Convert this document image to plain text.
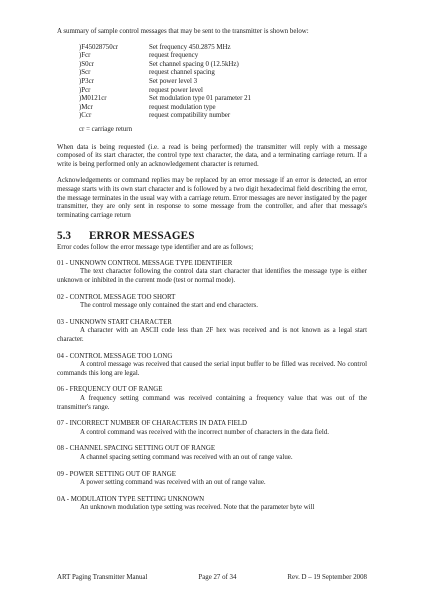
A summary of sample control messages that may be sent to the transmitter is shown below:

)F45028750cr	Set frequency 450.2875 MHz
)Fcr	request frequency
)S0cr	Set channel spacing 0 (12.5kHz)
)Scr	request channel spacing
)P3cr	Set power level 3
)Pcr	request power level
)M0121cr	Set modulation type 01 parameter 21
)Mcr	request modulation type
)Ccr	request compatibility number
cr = carriage return

When data is being requested (i.e. a read is being performed) the transmitter will reply with a message composed of its start character, the control type text character, the data, and a terminating carriage return. If a write is being performed only an acknowledgement character is returned.

Acknowledgements or command replies may be replaced by an error message if an error is detected, an error message starts with its own start character and is followed by a two digit hexadecimal field describing the error, the message terminates in the usual way with a carriage return. Error messages are never instigated by the pager transmitter, they are only sent in response to some message from the controller, and after that message's terminating carriage return

5.3	ERROR MESSAGES
Error codes follow the error message type identifier and are as follows;
01 - UNKNOWN CONTROL MESSAGE TYPE IDENTIFIER

The text character following the control data start character that identifies the message type is either unknown or inhibited in the current mode (test or normal mode).

02 - CONTROL MESSAGE TOO SHORT

The control message only contained the start and end characters.

03 - UNKNOWN START CHARACTER

A character with an ASCII code less than 2F hex was received and is not known as a legal start character.

04 - CONTROL MESSAGE TOO LONG

A control message was received that caused the serial input buffer to be filled was received. No control commands this long are legal.

06 - FREQUENCY OUT OF RANGE

A frequency setting command was received containing a frequency value that was out of the transmitter's range.

07 - INCORRECT NUMBER OF CHARACTERS IN DATA FIELD

A control command was received with the incorrect number of characters in the data field.

08 - CHANNEL SPACING SETTING OUT OF RANGE

A channel spacing setting command was received with an out of range value.

09 - POWER SETTING OUT OF RANGE

A power setting command was received with an out of range value.

0A - MODULATION TYPE SETTING UNKNOWN

An unknown modulation type setting was received. Note that the parameter byte will

ART Paging Transmitter Manual	Page 27 of 34	Rev. D – 19 September 2008
